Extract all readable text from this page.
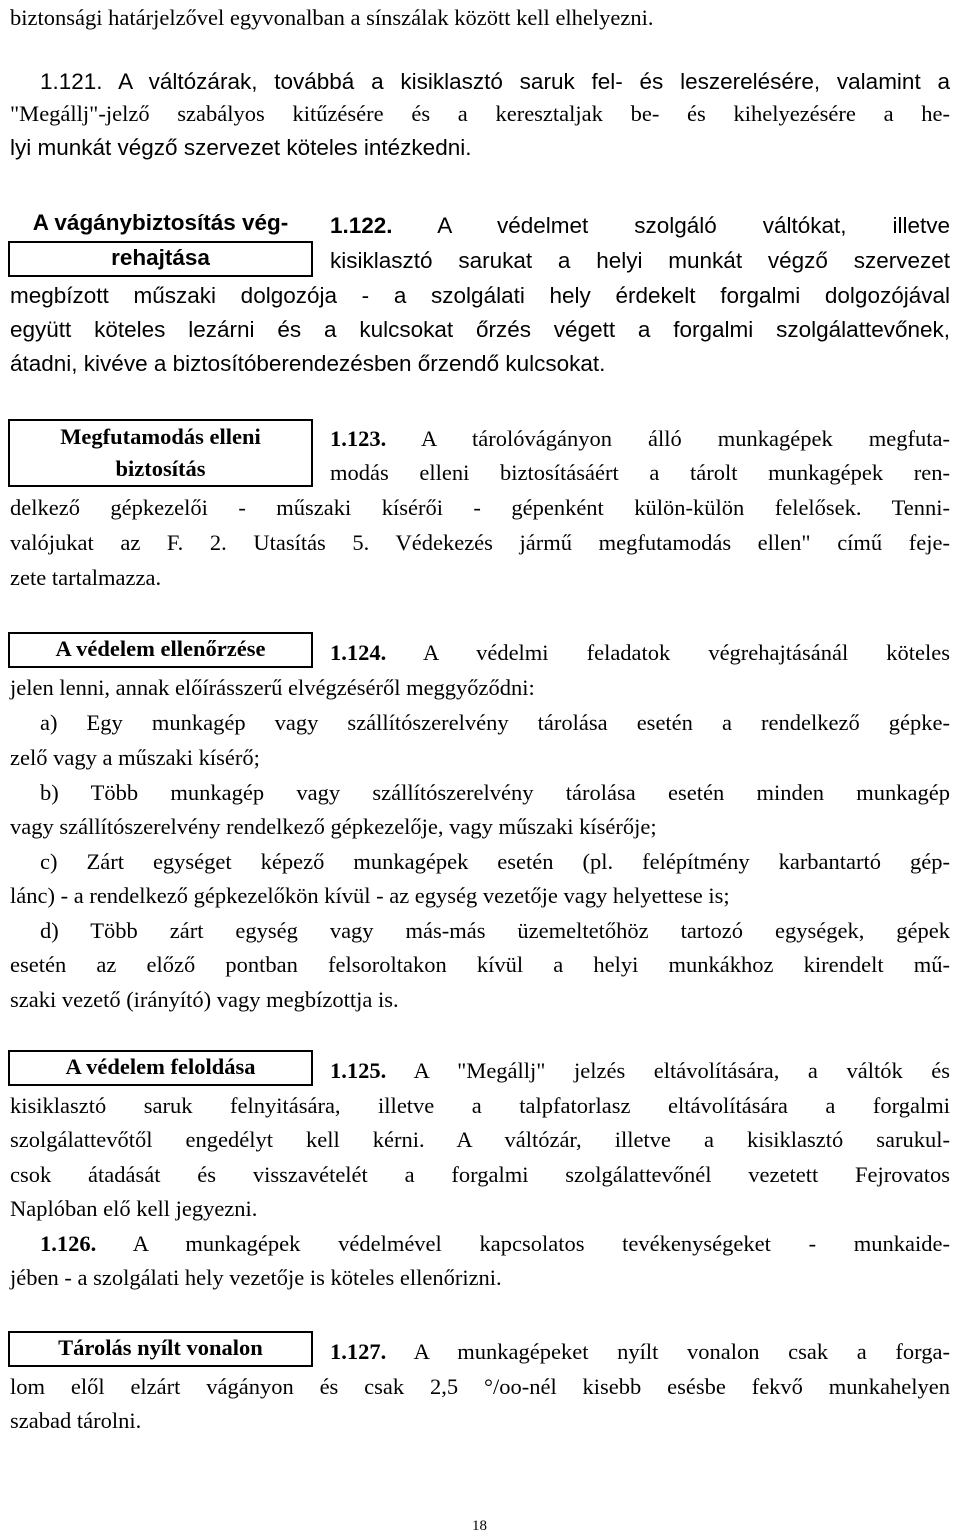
biztonsági határjelzővel egyvonalban a sínszálak között kell elhelyezni.
1.121. A váltózárak, továbbá a kisiklasztó saruk fel- és leszerelésére, valamint a
"Megállj"-jelző szabályos kitűzésére és a keresztaljak be- és kihelyezésére a he-
lyi munkát végző szervezet köteles intézkedni.
A vágánybiztosítás vég-
rehajtása
1.122. A védelmet szolgáló váltókat, illetve
kisiklasztó sarukat a helyi munkát végző szervezet
megbízott műszaki dolgozója - a szolgálati hely érdekelt forgalmi dolgozójával
együtt köteles lezárni és a kulcsokat őrzés végett a forgalmi szolgálattevőnek,
átadni, kivéve a biztosítóberendezésben őrzendő kulcsokat.
Megfutamodás elleni
biztosítás
1.123. A tárolóvágányon álló munkagépek megfuta-
modás elleni biztosításáért a tárolt munkagépek ren-
delkező gépkezelői - műszaki kísérői - gépenként külön-külön felelősek. Tenni-
valójukat az F. 2. Utasítás 5. Védekezés jármű megfutamodás ellen" című feje-
zete tartalmazza.
A védelem ellenőrzése	1.124. A védelmi feladatok végrehajtásánál köteles
jelen lenni, annak előírásszerű elvégzéséről meggyőződni:
a) Egy munkagép vagy szállítószerelvény tárolása esetén a rendelkező gépke-
zelő vagy a műszaki kísérő;
b) Több munkagép vagy szállítószerelvény tárolása esetén minden munkagép
vagy szállítószerelvény rendelkező gépkezelője, vagy műszaki kísérője;
c) Zárt egységet képező munkagépek esetén (pl. felépítmény karbantartó gép-
lánc) - a rendelkező gépkezelőkön kívül - az egység vezetője vagy helyettese is;
d) Több zárt egység vagy más-más üzemeltetőhöz tartozó egységek, gépek
esetén az előző pontban felsoroltakon kívül a helyi munkákhoz kirendelt mű-
szaki vezető (irányító) vagy megbízottja is.
A védelem feloldása	1.125. A "Megállj" jelzés eltávolítására, a váltók és
kisiklasztó saruk felnyitására, illetve a talpfatorlasz eltávolítására a forgalmi
szolgálattevőtől engedélyt kell kérni. A váltózár, illetve a kisiklasztó sarukul-
csok átadását és visszavételét a forgalmi szolgálattevőnél vezetett Fejrovatos
Naplóban elő kell jegyezni.
1.126. A munkagépek védelmével kapcsolatos tevékenységeket - munkaide-
jében - a szolgálati hely vezetője is köteles ellenőrizni.
Tárolás nyílt vonalon	1.127. A munkagépeket nyílt vonalon csak a forga-
lom elől elzárt vágányon és csak 2,5 °/oo-nél kisebb esésbe fekvő munkahelyen
szabad tárolni.
18
